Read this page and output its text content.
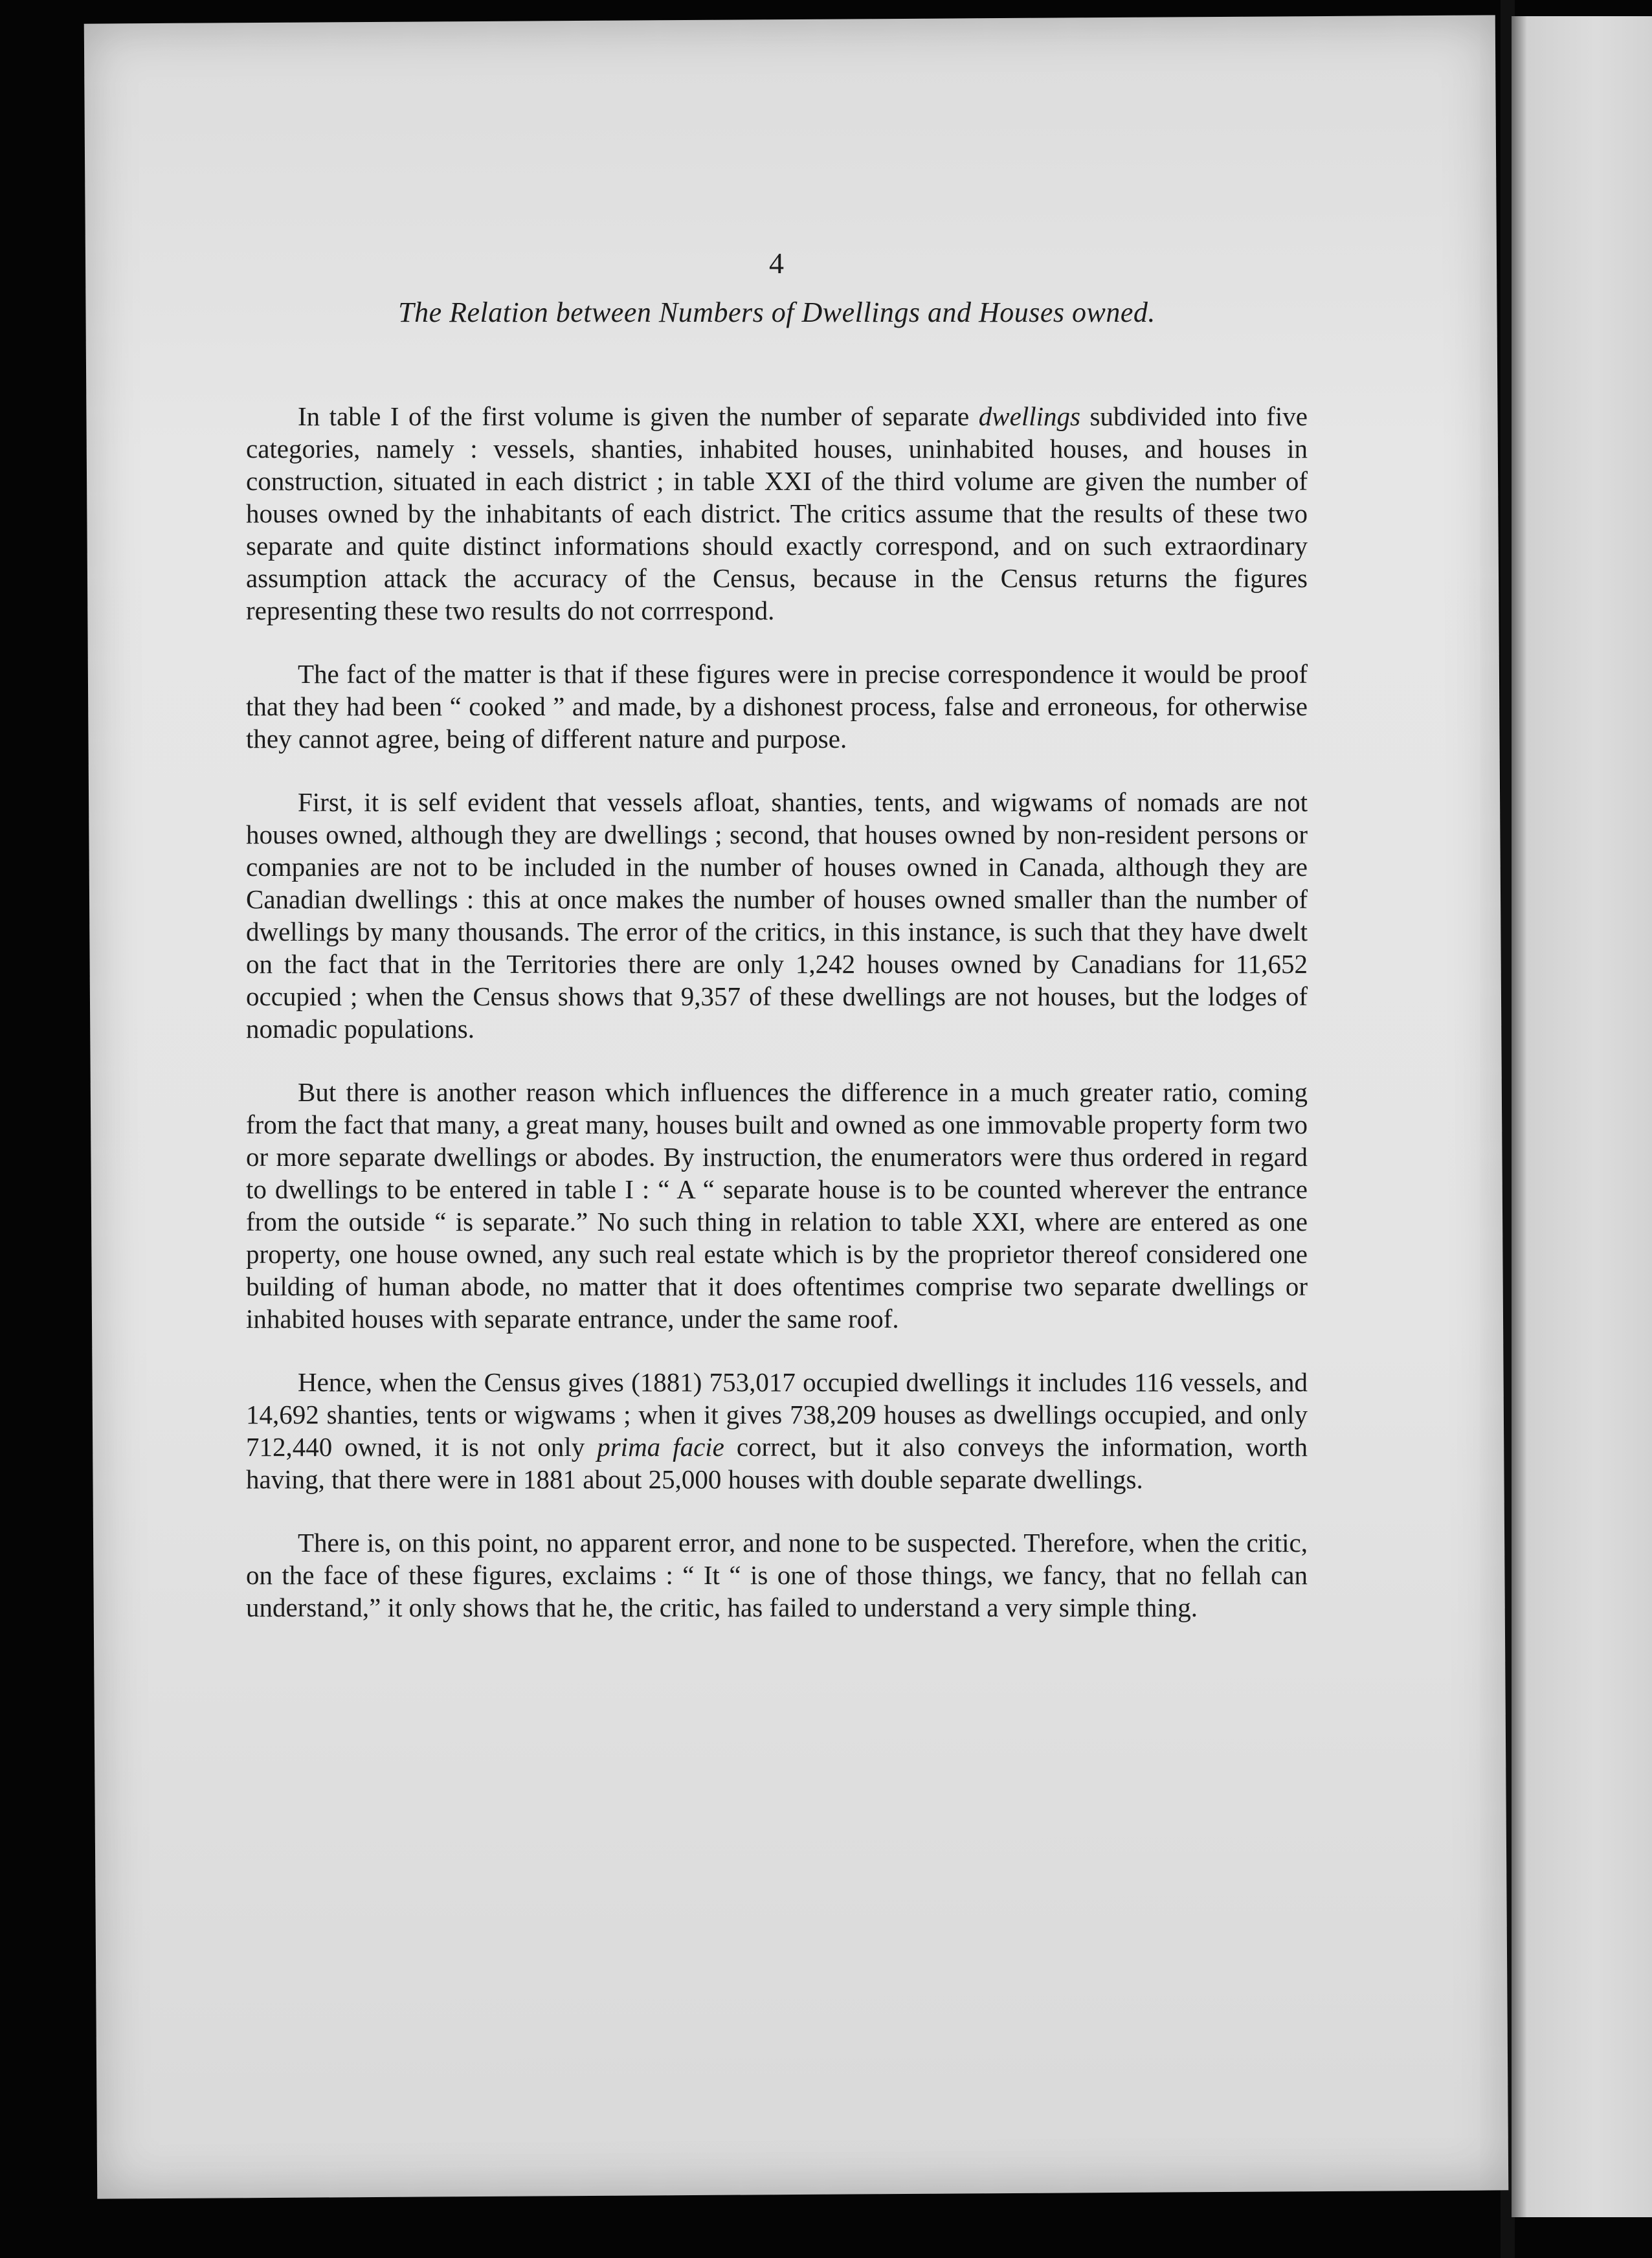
4
The Relation between Numbers of Dwellings and Houses owned.

In table I of the first volume is given the number of separate dwellings subdivided into five categories, namely : vessels, shanties, inhabited houses, uninhabited houses, and houses in construction, situated in each district ; in table XXI of the third volume are given the number of houses owned by the inhabitants of each district. The critics assume that the results of these two separate and quite distinct informations should exactly correspond, and on such extraordinary assumption attack the accuracy of the Census, because in the Census returns the figures representing these two results do not corrrespond.

The fact of the matter is that if these figures were in precise correspondence it would be proof that they had been “ cooked ” and made, by a dishonest process, false and erroneous, for otherwise they cannot agree, being of different nature and purpose.

First, it is self evident that vessels afloat, shanties, tents, and wigwams of nomads are not houses owned, although they are dwellings ; second, that houses owned by non-resident persons or companies are not to be included in the number of houses owned in Canada, although they are Canadian dwellings : this at once makes the number of houses owned smaller than the number of dwellings by many thousands. The error of the critics, in this instance, is such that they have dwelt on the fact that in the Territories there are only 1,242 houses owned by Canadians for 11,652 occupied ; when the Census shows that 9,357 of these dwellings are not houses, but the lodges of nomadic populations.

But there is another reason which influences the difference in a much greater ratio, coming from the fact that many, a great many, houses built and owned as one immovable property form two or more separate dwellings or abodes. By instruction, the enumerators were thus ordered in regard to dwellings to be entered in table I : “ A “ separate house is to be counted wherever the entrance from the outside “ is separate.” No such thing in relation to table XXI, where are entered as one property, one house owned, any such real estate which is by the proprietor thereof considered one building of human abode, no matter that it does oftentimes comprise two separate dwellings or inhabited houses with separate entrance, under the same roof.

Hence, when the Census gives (1881) 753,017 occupied dwellings it includes 116 vessels, and 14,692 shanties, tents or wigwams ; when it gives 738,209 houses as dwellings occupied, and only 712,440 owned, it is not only prima facie correct, but it also conveys the information, worth having, that there were in 1881 about 25,000 houses with double separate dwellings.

There is, on this point, no apparent error, and none to be suspected. Therefore, when the critic, on the face of these figures, exclaims : “ It “ is one of those things, we fancy, that no fellah can understand,” it only shows that he, the critic, has failed to understand a very simple thing.
